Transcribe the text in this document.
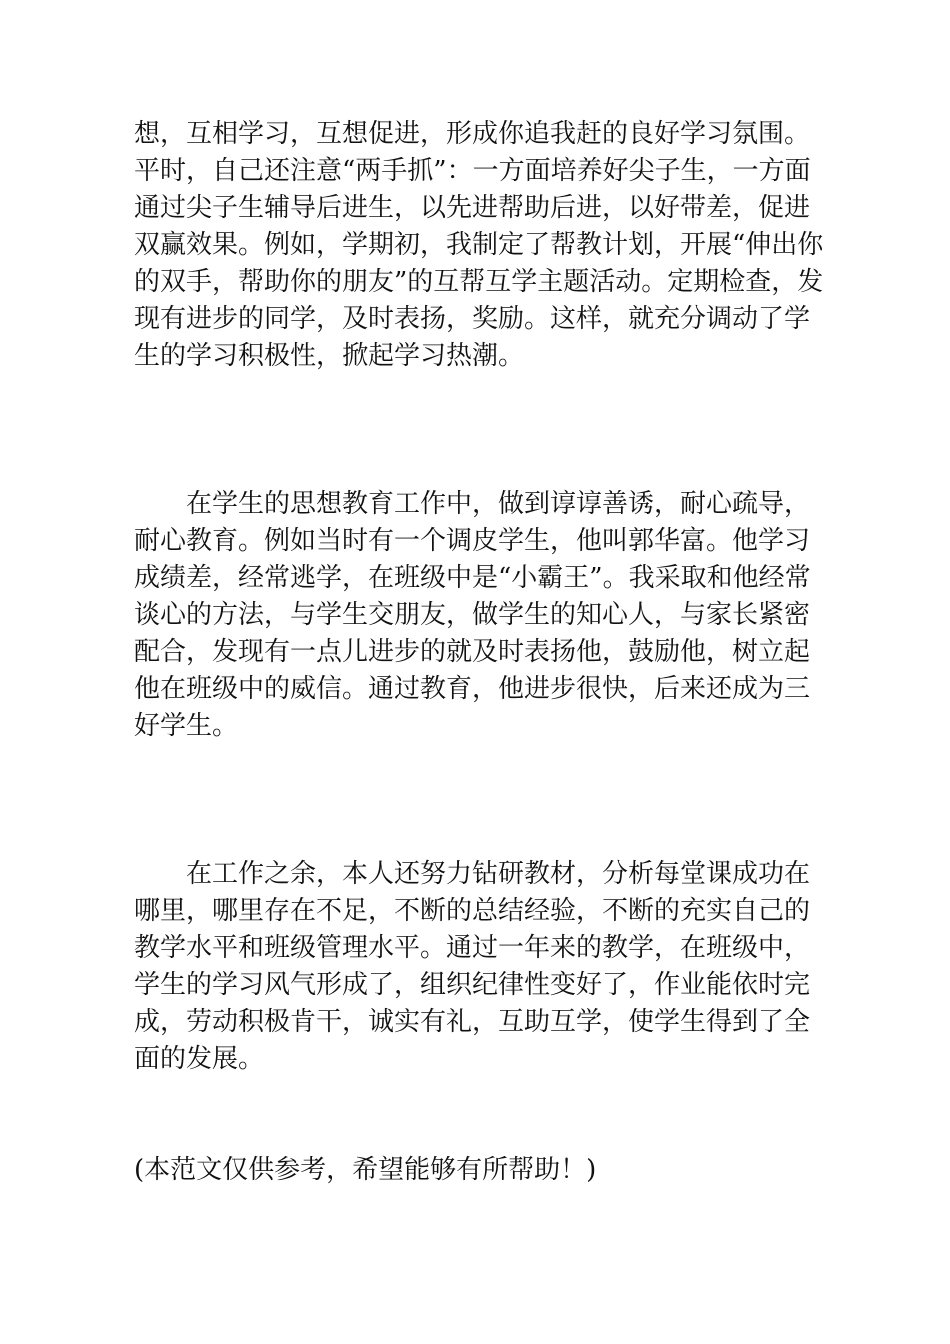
想，互相学习，互想促进，形成你追我赶的良好学习氛围。
平时，自己还注意“两手抓”：一方面培养好尖子生，一方面
通过尖子生辅导后进生，以先进帮助后进，以好带差，促进
双赢效果。例如，学期初，我制定了帮教计划，开展“伸出你
的双手，帮助你的朋友”的互帮互学主题活动。定期检查，发
现有进步的同学，及时表扬，奖励。这样，就充分调动了学
生的学习积极性，掀起学习热潮。
在学生的思想教育工作中，做到谆谆善诱，耐心疏导，
耐心教育。例如当时有一个调皮学生，他叫郭华富。他学习
成绩差，经常逃学，在班级中是“小霸王”。我采取和他经常
谈心的方法，与学生交朋友，做学生的知心人，与家长紧密
配合，发现有一点儿进步的就及时表扬他，鼓励他，树立起
他在班级中的威信。通过教育，他进步很快，后来还成为三
好学生。
在工作之余，本人还努力钻研教材，分析每堂课成功在
哪里，哪里存在不足，不断的总结经验，不断的充实自己的
教学水平和班级管理水平。通过一年来的教学，在班级中，
学生的学习风气形成了，组织纪律性变好了，作业能依时完
成，劳动积极肯干，诚实有礼，互助互学，使学生得到了全
面的发展。
(本范文仅供参考，希望能够有所帮助！)
